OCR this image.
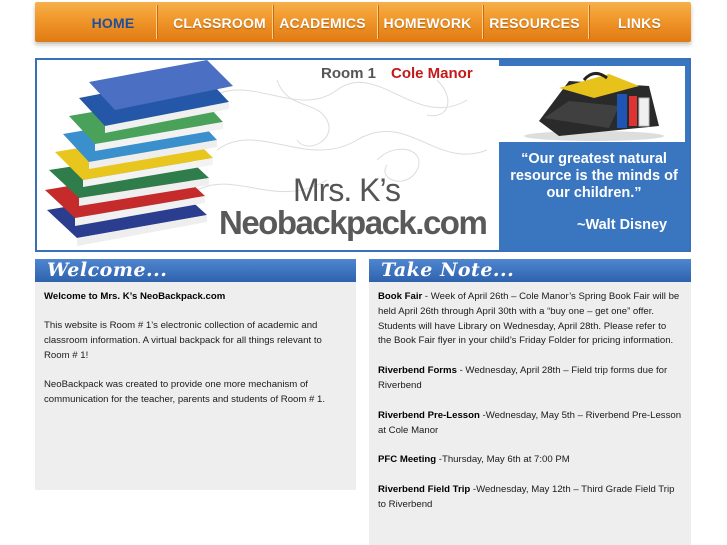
HOME	CLASSROOM ACADEMICS	HOMEWORK	RESOURCES	LINKS
Room 1 Cole Manor
Mrs. K’s
Neobackpack.com
“Our greatest natural resource is the minds of our children.”
~Walt Disney
Welcome...

Welcome to Mrs. K’s NeoBackpack.com

This website is Room # 1’s electronic collection of academic and classroom information. A virtual backpack for all things relevant to Room # 1!

NeoBackpack was created to provide one more mechanism of communication for the teacher, parents and students of Room # 1.

Take Note...

Book Fair - Week of April 26th – Cole Manor’s Spring Book Fair will be held April 26th through April 30th with a “buy one – get one” offer. Students will have Library on Wednesday, April 28th. Please refer to the Book Fair flyer in your child’s Friday Folder for pricing information.

Riverbend Forms - Wednesday, April 28th – Field trip forms due for Riverbend

Riverbend Pre-Lesson -Wednesday, May 5th – Riverbend Pre-Lesson at Cole Manor

PFC Meeting -Thursday, May 6th at 7:00 PM

Riverbend Field Trip -Wednesday, May 12th – Third Grade Field Trip to Riverbend
